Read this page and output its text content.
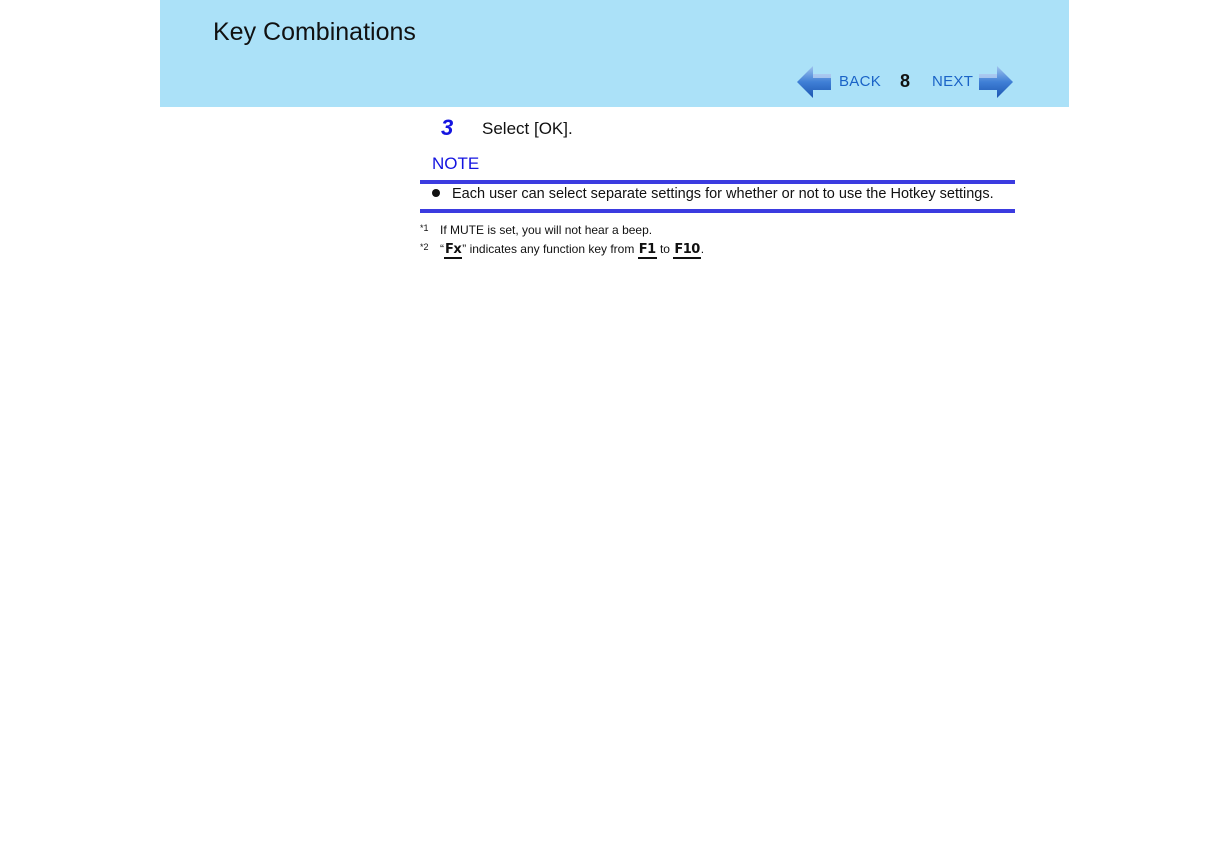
Key Combinations
BACK 8 NEXT
3 Select [OK].
NOTE
Each user can select separate settings for whether or not to use the Hotkey settings.
*1 If MUTE is set, you will not hear a beep.
*2 “Fx” indicates any function key from F1 to F10.
